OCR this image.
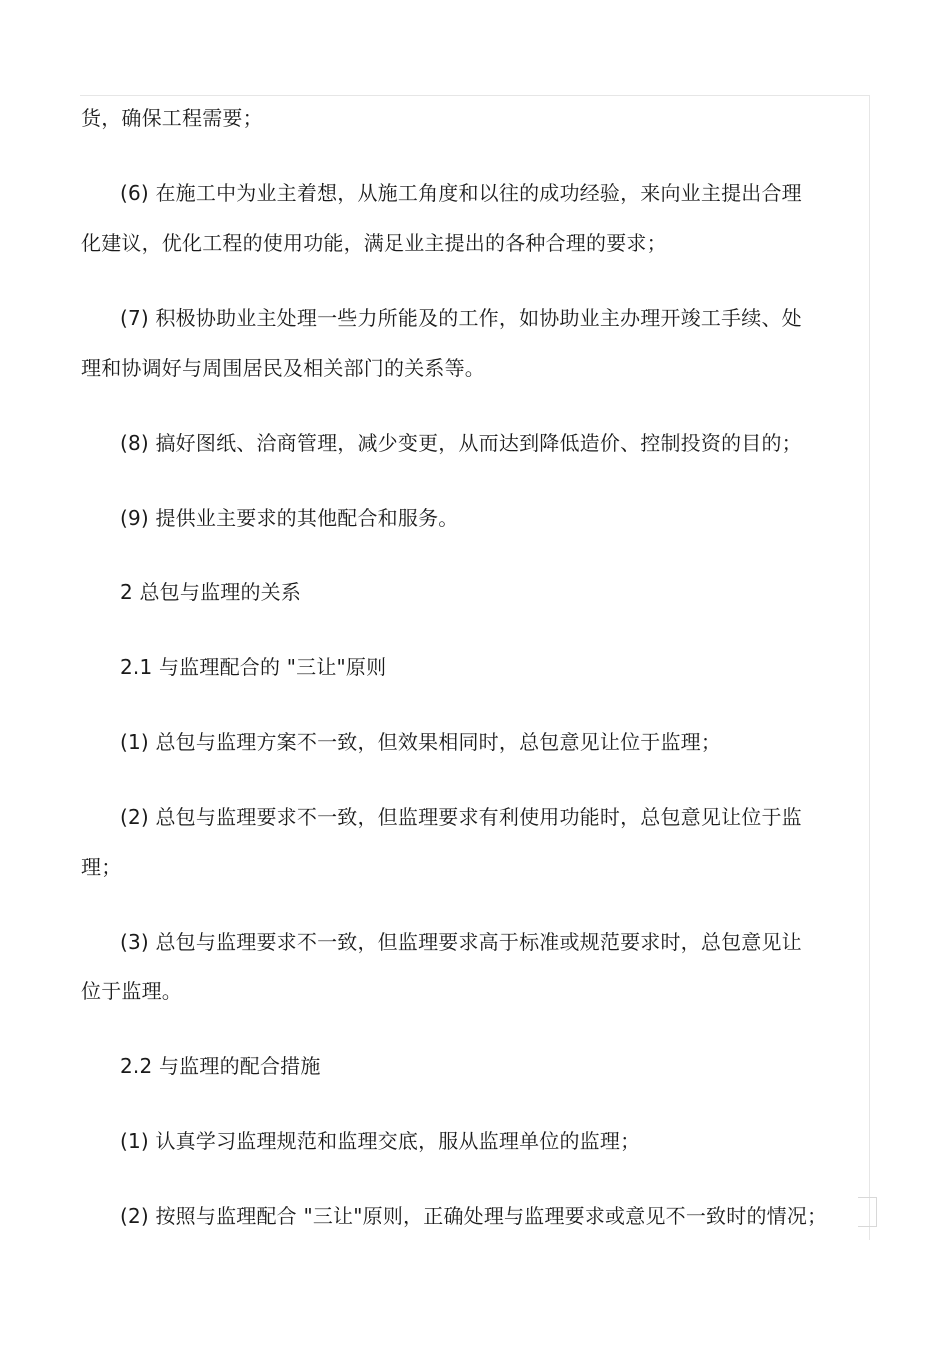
货，确保工程需要；
(6) 在施工中为业主着想，从施工角度和以往的成功经验，来向业主提出合理
化建议，优化工程的使用功能，满足业主提出的各种合理的要求；
(7) 积极协助业主处理一些力所能及的工作，如协助业主办理开竣工手续、处
理和协调好与周围居民及相关部门的关系等。
(8) 搞好图纸、洽商管理，减少变更，从而达到降低造价、控制投资的目的；
(9) 提供业主要求的其他配合和服务。
2 总包与监理的关系
2.1 与监理配合的 "三让"原则
(1) 总包与监理方案不一致，但效果相同时，总包意见让位于监理；
(2) 总包与监理要求不一致，但监理要求有利使用功能时，总包意见让位于监
理；
(3) 总包与监理要求不一致，但监理要求高于标准或规范要求时，总包意见让
位于监理。
2.2 与监理的配合措施
(1) 认真学习监理规范和监理交底，服从监理单位的监理；
(2) 按照与监理配合 "三让"原则，正确处理与监理要求或意见不一致时的情况；
